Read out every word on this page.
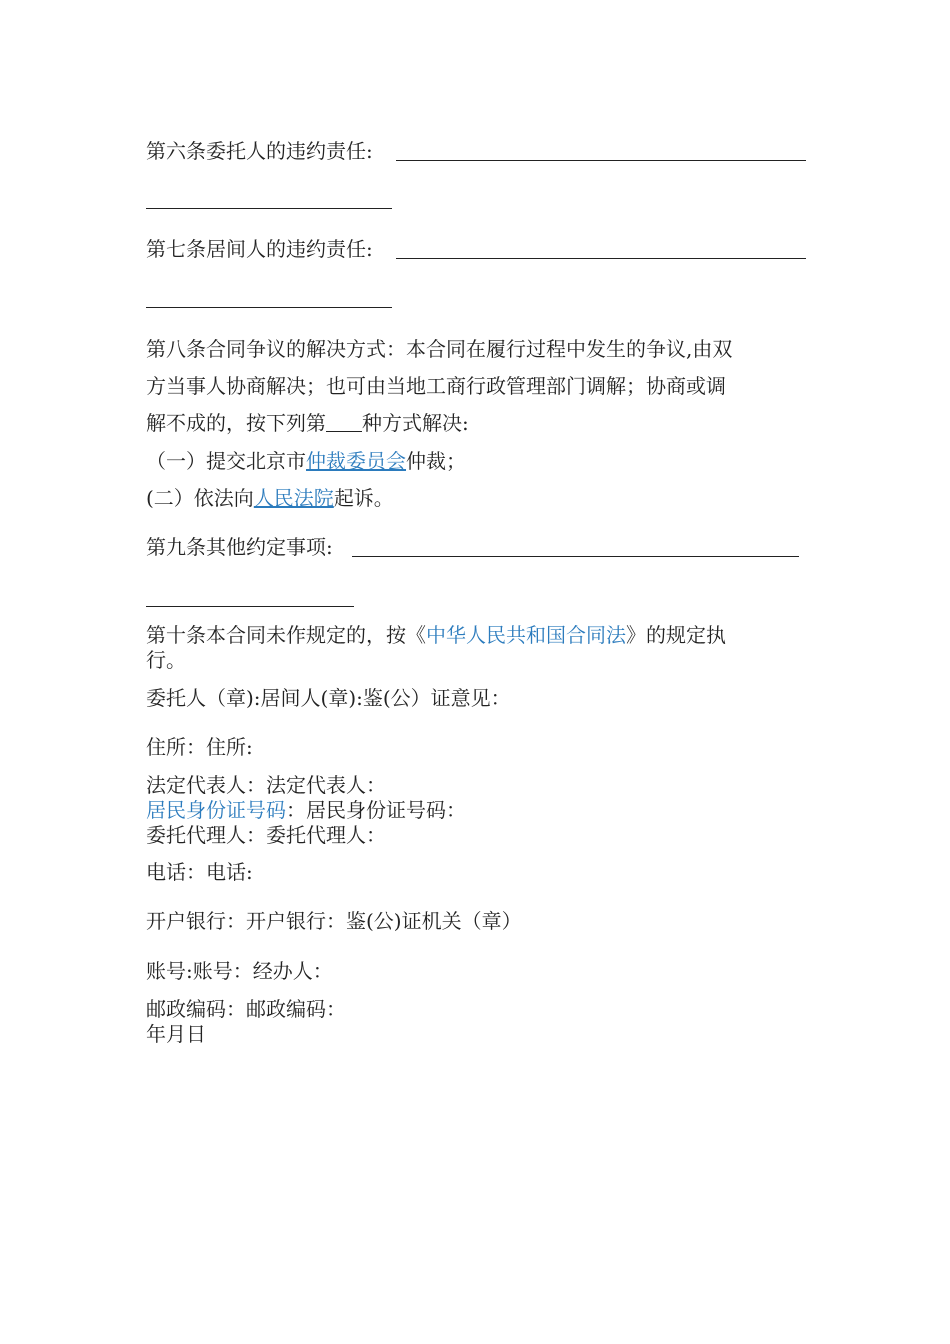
第六条委托人的违约责任:
第七条居间人的违约责任:
第八条合同争议的解决方式：本合同在履行过程中发生的争议,由双
方当事人协商解决；也可由当地工商行政管理部门调解；协商或调
解不成的，按下列第 种方式解决:
（一）提交北京市仲裁委员会仲裁；
(二）依法向人民法院起诉。
第九条其他约定事项:
第十条本合同未作规定的，按《中华人民共和国合同法》的规定执
行。
委托人（章):居间人(章):鉴(公）证意见：
住所：住所:
法定代表人：法定代表人：
居民身份证号码：居民身份证号码：
委托代理人：委托代理人：
电话：电话:
开户银行：开户银行：鉴(公)证机关（章）
账号:账号：经办人：
邮政编码：邮政编码：
年月日
